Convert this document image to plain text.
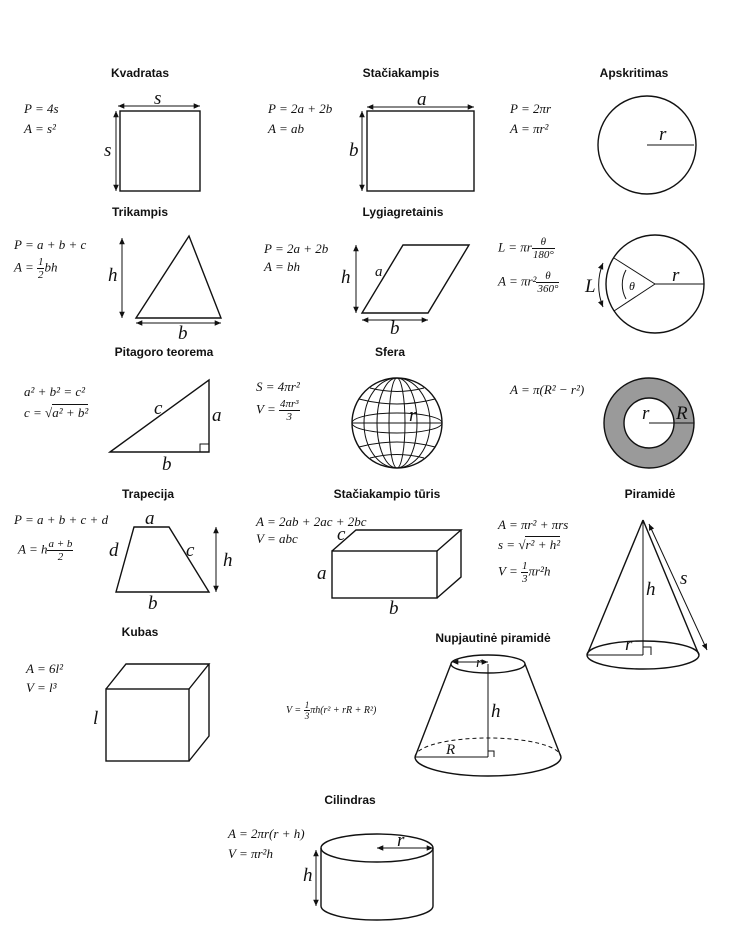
Kvadratas
P = 4s
A = s²
Stačiakampis
P = 2a + 2b
A = ab
Apskritimas
P = 2πr
A = πr²
Trikampis
P = a + b + c
$A = \frac{1}{2}$ bh
Lygiagretainis
P = 2a + 2b
A = bh
L = πr $\frac{\theta}{180^\circ}$
$A = \pi r^2 \frac{\theta}{360^\circ}$
Pitagoro teorema
a² + b² = c²
c = √a² + b²
Sfera
S = 4πr²
$V = \frac{\text{4πr³}}{3}$
A = π(R² − r²)
Trapecija
P = a + b + c + d
A = h $\frac{a + b}{2}$
Stačiakampio tūris
A = 2ab + 2ac + 2bc
V = abc
Piramidė
A = πr² + πrs
s = √r² + h²
$V = \frac{1}{3} \pi r^2h$
Kubas
A = 6l²
V = l³
Nupjautinė piramidė
$V = \frac{1}{3} \pi h(r^2$ + rR + R²)
Cilindras
A = 2πr(r + h)
V = πr²h
s
s
a
b
r
h
b
h a
b
L	θ r
c	a
b
r	r R
a
d	c h
b
c
a
b
h
s
r
l
r
h
R
r
h
